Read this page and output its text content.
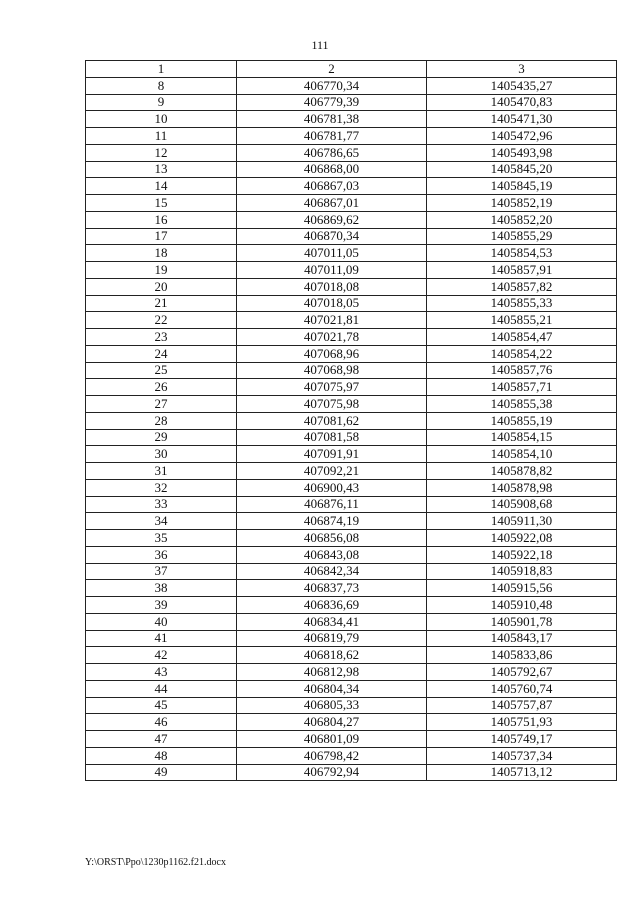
111
1	2	3
8	406770,34	1405435,27
9	406779,39	1405470,83
10	406781,38	1405471,30
11	406781,77	1405472,96
12	406786,65	1405493,98
13	406868,00	1405845,20
14	406867,03	1405845,19
15	406867,01	1405852,19
16	406869,62	1405852,20
17	406870,34	1405855,29
18	407011,05	1405854,53
19	407011,09	1405857,91
20	407018,08	1405857,82
21	407018,05	1405855,33
22	407021,81	1405855,21
23	407021,78	1405854,47
24	407068,96	1405854,22
25	407068,98	1405857,76
26	407075,97	1405857,71
27	407075,98	1405855,38
28	407081,62	1405855,19
29	407081,58	1405854,15
30	407091,91	1405854,10
31	407092,21	1405878,82
32	406900,43	1405878,98
33	406876,11	1405908,68
34	406874,19	1405911,30
35	406856,08	1405922,08
36	406843,08	1405922,18
37	406842,34	1405918,83
38	406837,73	1405915,56
39	406836,69	1405910,48
40	406834,41	1405901,78
41	406819,79	1405843,17
42	406818,62	1405833,86
43	406812,98	1405792,67
44	406804,34	1405760,74
45	406805,33	1405757,87
46	406804,27	1405751,93
47	406801,09	1405749,17
48	406798,42	1405737,34
49	406792,94	1405713,12
Y:\ORST\Ppo\1230p1162.f21.docx
